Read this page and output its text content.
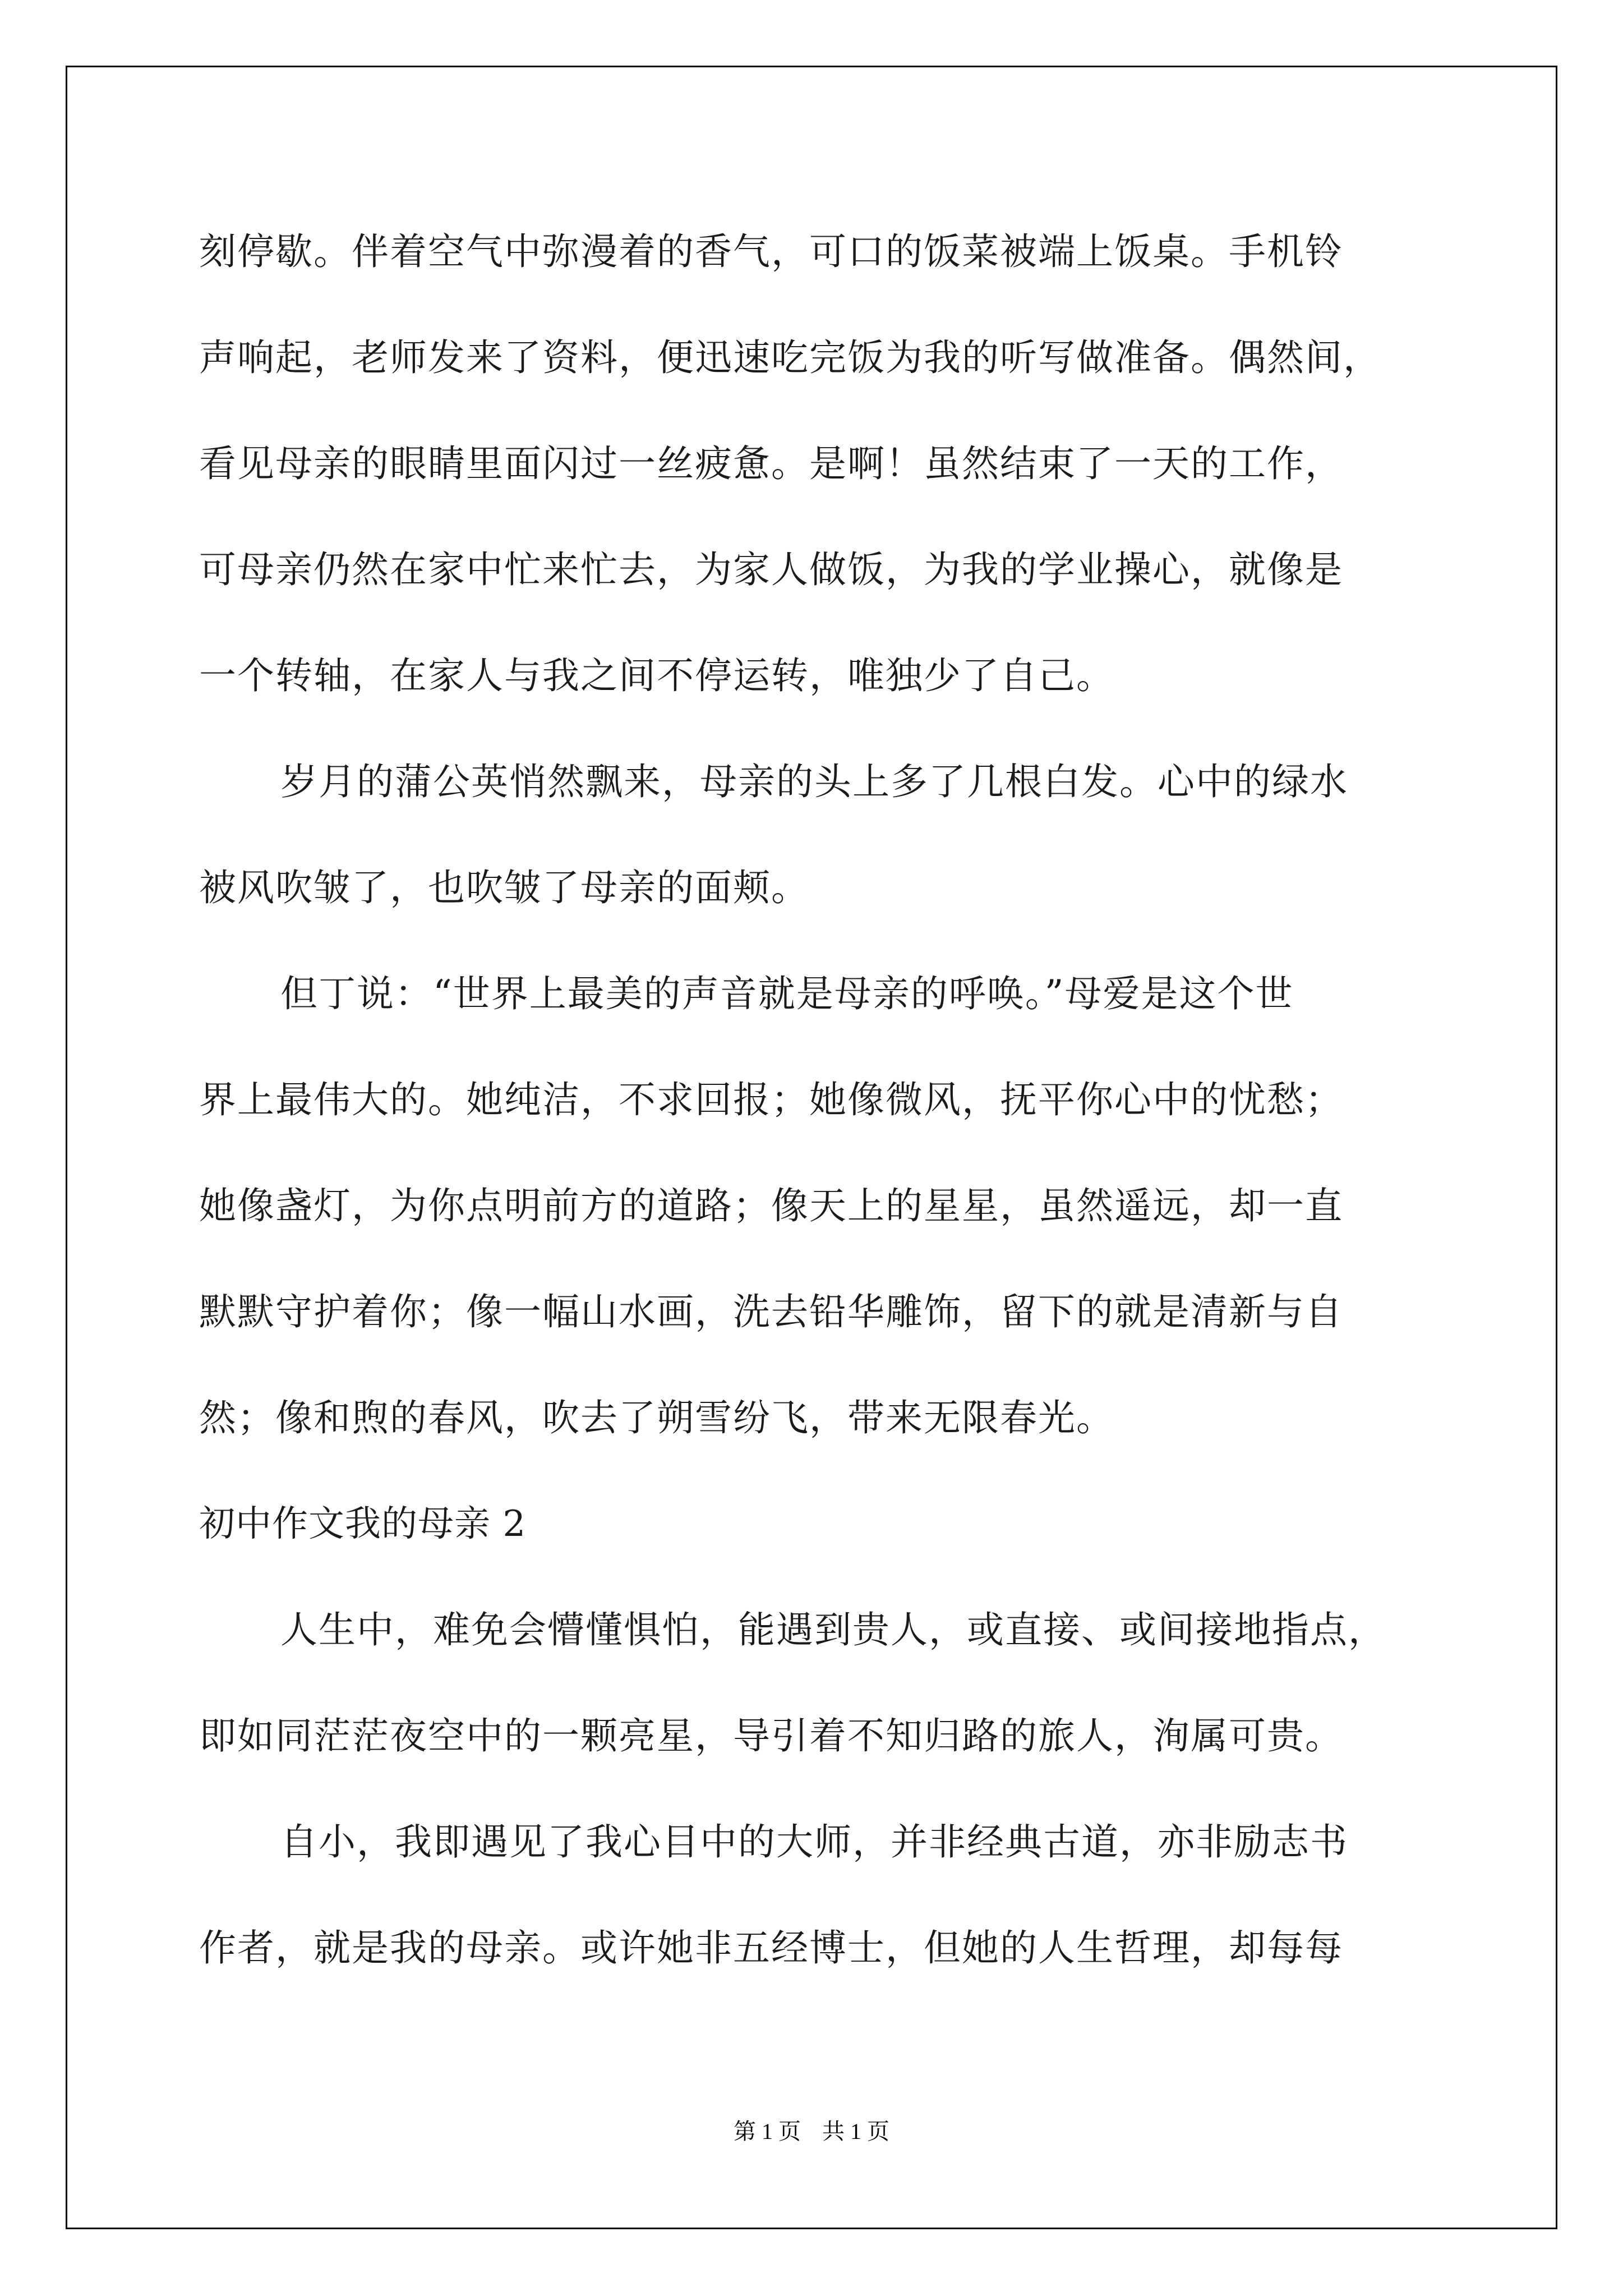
刻停歇。伴着空气中弥漫着的香气，可口的饭菜被端上饭桌。手机铃
声响起，老师发来了资料，便迅速吃完饭为我的听写做准备。偶然间，
看见母亲的眼睛里面闪过一丝疲惫。是啊！虽然结束了一天的工作，
可母亲仍然在家中忙来忙去，为家人做饭，为我的学业操心，就像是
一个转轴，在家人与我之间不停运转，唯独少了自己。
岁月的蒲公英悄然飘来，母亲的头上多了几根白发。心中的绿水
被风吹皱了，也吹皱了母亲的面颊。
但丁说：“世界上最美的声音就是母亲的呼唤。”母爱是这个世
界上最伟大的。她纯洁，不求回报；她像微风，抚平你心中的忧愁；
她像盏灯，为你点明前方的道路；像天上的星星，虽然遥远，却一直
默默守护着你；像一幅山水画，洗去铅华雕饰，留下的就是清新与自
然；像和煦的春风，吹去了朔雪纷飞，带来无限春光。
初中作文我的母亲 2
人生中，难免会懵懂惧怕，能遇到贵人，或直接、或间接地指点，
即如同茫茫夜空中的一颗亮星，导引着不知归路的旅人，洵属可贵。
自小，我即遇见了我心目中的大师，并非经典古道，亦非励志书
作者，就是我的母亲。或许她非五经博士，但她的人生哲理，却每每
第 1 页 共 1 页
